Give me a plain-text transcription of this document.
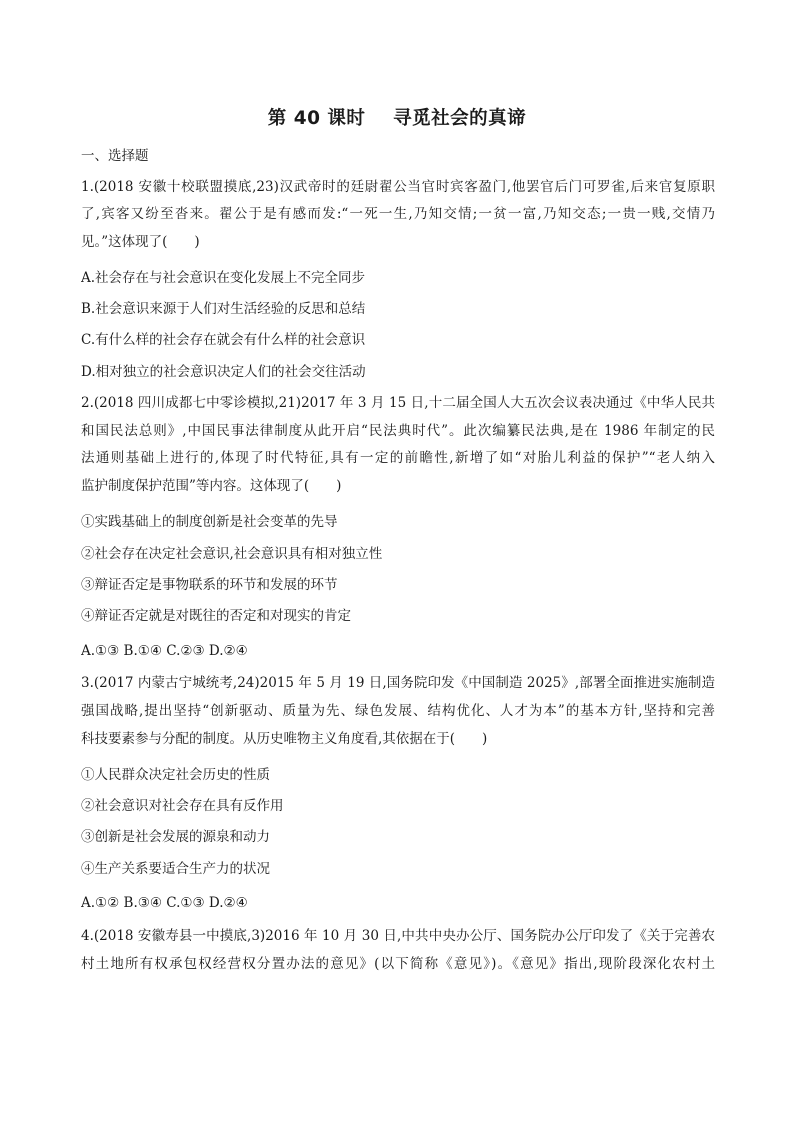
第 40 课时    寻觅社会的真谛
一、选择题
1.(2018 安徽十校联盟摸底,23)汉武帝时的廷尉翟公当官时宾客盈门,他罢官后门可罗雀,后来官复原职
了,宾客又纷至沓来。翟公于是有感而发:“一死一生,乃知交情;一贫一富,乃知交态;一贵一贱,交情乃
见。”这体现了(　　)
A.社会存在与社会意识在变化发展上不完全同步
B.社会意识来源于人们对生活经验的反思和总结
C.有什么样的社会存在就会有什么样的社会意识
D.相对独立的社会意识决定人们的社会交往活动
2.(2018 四川成都七中零诊模拟,21)2017 年 3 月 15 日,十二届全国人大五次会议表决通过《中华人民共
和国民法总则》,中国民事法律制度从此开启“民法典时代”。此次编纂民法典,是在 1986 年制定的民
法通则基础上进行的,体现了时代特征,具有一定的前瞻性,新增了如“对胎儿利益的保护”“老人纳入
监护制度保护范围”等内容。这体现了(　　)
①实践基础上的制度创新是社会变革的先导
②社会存在决定社会意识,社会意识具有相对独立性
③辩证否定是事物联系的环节和发展的环节
④辩证否定就是对既往的否定和对现实的肯定
A.①③ B.①④ C.②③ D.②④
3.(2017 内蒙古宁城统考,24)2015 年 5 月 19 日,国务院印发《中国制造 2025》,部署全面推进实施制造
强国战略,提出坚持“创新驱动、质量为先、绿色发展、结构优化、人才为本”的基本方针,坚持和完善
科技要素参与分配的制度。从历史唯物主义角度看,其依据在于(　　)
①人民群众决定社会历史的性质
②社会意识对社会存在具有反作用
③创新是社会发展的源泉和动力
④生产关系要适合生产力的状况
A.①② B.③④ C.①③ D.②④
4.(2018 安徽寿县一中摸底,3)2016 年 10 月 30 日,中共中央办公厅、国务院办公厅印发了《关于完善农
村土地所有权承包权经营权分置办法的意见》(以下简称《意见》)。《意见》指出,现阶段深化农村土
